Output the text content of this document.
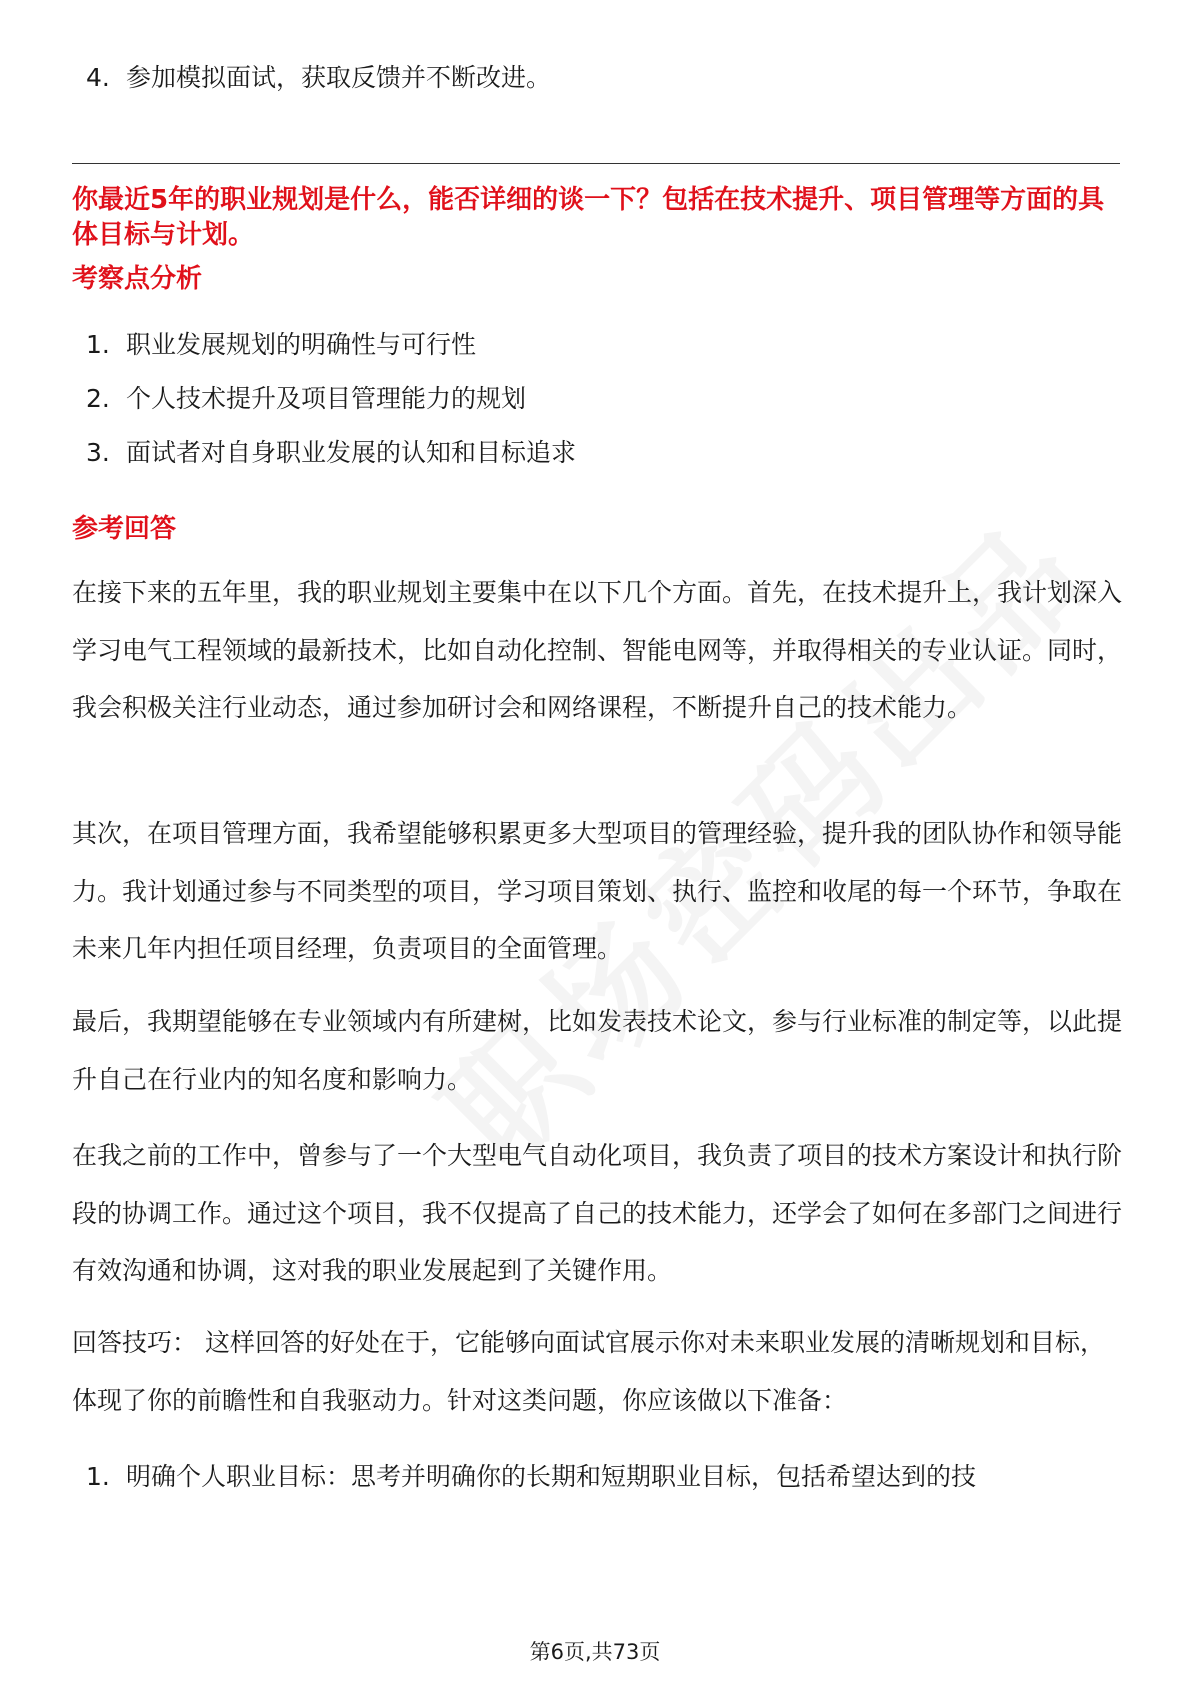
4. 参加模拟面试，获取反馈并不断改进。
你最近5年的职业规划是什么，能否详细的谈一下？包括在技术提升、项目管理等方面的具体目标与计划。
考察点分析
1. 职业发展规划的明确性与可行性
2. 个人技术提升及项目管理能力的规划
3. 面试者对自身职业发展的认知和目标追求
参考回答
在接下来的五年里，我的职业规划主要集中在以下几个方面。首先，在技术提升上，我计划深入学习电气工程领域的最新技术，比如自动化控制、智能电网等，并取得相关的专业认证。同时，我会积极关注行业动态，通过参加研讨会和网络课程，不断提升自己的技术能力。
其次，在项目管理方面，我希望能够积累更多大型项目的管理经验，提升我的团队协作和领导能力。我计划通过参与不同类型的项目，学习项目策划、执行、监控和收尾的每一个环节，争取在未来几年内担任项目经理，负责项目的全面管理。
最后，我期望能够在专业领域内有所建树，比如发表技术论文，参与行业标准的制定等，以此提升自己在行业内的知名度和影响力。
在我之前的工作中，曾参与了一个大型电气自动化项目，我负责了项目的技术方案设计和执行阶段的协调工作。通过这个项目，我不仅提高了自己的技术能力，还学会了如何在多部门之间进行有效沟通和协调，这对我的职业发展起到了关键作用。
回答技巧： 这样回答的好处在于，它能够向面试官展示你对未来职业发展的清晰规划和目标，体现了你的前瞻性和自我驱动力。针对这类问题，你应该做以下准备：
1. 明确个人职业目标：思考并明确你的长期和短期职业目标，包括希望达到的技
第6页,共73页
